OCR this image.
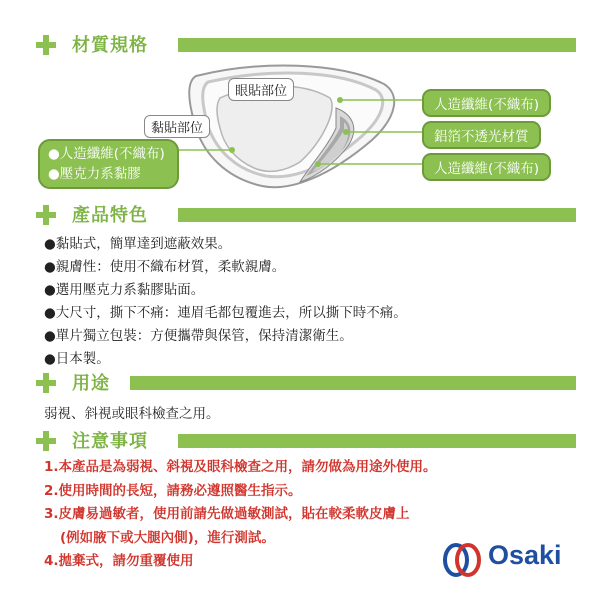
材質規格
眼貼部位
黏貼部位
人造纖維(不織布)
鋁箔不透光材質
人造纖維(不織布)
●人造纖維(不織布)
●壓克力系黏膠
產品特色
●黏貼式，簡單達到遮蔽效果。
●親膚性：使用不織布材質，柔軟親膚。
●選用壓克力系黏膠貼面。
●大尺寸，撕下不痛：連眉毛都包覆進去，所以撕下時不痛。
●單片獨立包裝：方便攜帶與保管，保持清潔衛生。
●日本製。
用途
弱視、斜視或眼科檢查之用。
注意事項
1.本產品是為弱視、斜視及眼科檢查之用，請勿做為用途外使用。
2.使用時間的長短，請務必遵照醫生指示。
3.皮膚易過敏者，使用前請先做過敏測試，貼在較柔軟皮膚上
(例如腋下或大腿內側)，進行測試。
4.拋棄式，請勿重覆使用	Osaki
